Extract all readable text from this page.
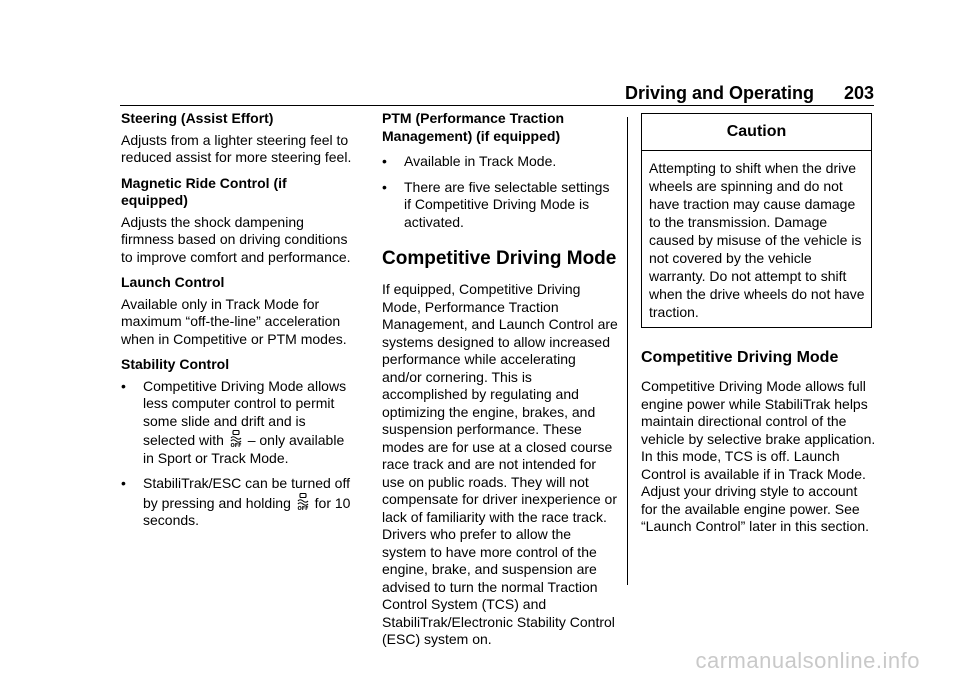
Driving and Operating 203

Steering (Assist Effort)

Adjusts from a lighter steering feel to reduced assist for more steering feel.

Magnetic Ride Control (if equipped)

Adjusts the shock dampening firmness based on driving conditions to improve comfort and performance.

Launch Control

Available only in Track Mode for maximum “off-the-line” acceleration when in Competitive or PTM modes.

Stability Control

• Competitive Driving Mode allows less computer control to permit some slide and drift and is selected with OFF – only available in Sport or Track Mode.
• StabiliTrak/ESC can be turned off by pressing and holding OFF for 10 seconds.

PTM (Performance Traction Management) (if equipped)

• Available in Track Mode.
• There are five selectable settings if Competitive Driving Mode is activated.
Competitive Driving Mode

If equipped, Competitive Driving Mode, Performance Traction Management, and Launch Control are systems designed to allow increased performance while accelerating and/or cornering. This is accomplished by regulating and optimizing the engine, brakes, and suspension performance. These modes are for use at a closed course race track and are not intended for use on public roads. They will not compensate for driver inexperience or lack of familiarity with the race track. Drivers who prefer to allow the system to have more control of the engine, brake, and suspension are advised to turn the normal Traction Control System (TCS) and StabiliTrak/Electronic Stability Control (ESC) system on.

Caution
Attempting to shift when the drive wheels are spinning and do not have traction may cause damage to the transmission. Damage caused by misuse of the vehicle is not covered by the vehicle warranty. Do not attempt to shift when the drive wheels do not have traction.
Competitive Driving Mode

Competitive Driving Mode allows full engine power while StabiliTrak helps maintain directional control of the vehicle by selective brake application. In this mode, TCS is off. Launch Control is available if in Track Mode. Adjust your driving style to account for the available engine power. See “Launch Control” later in this section.

carmanualsonline.info
